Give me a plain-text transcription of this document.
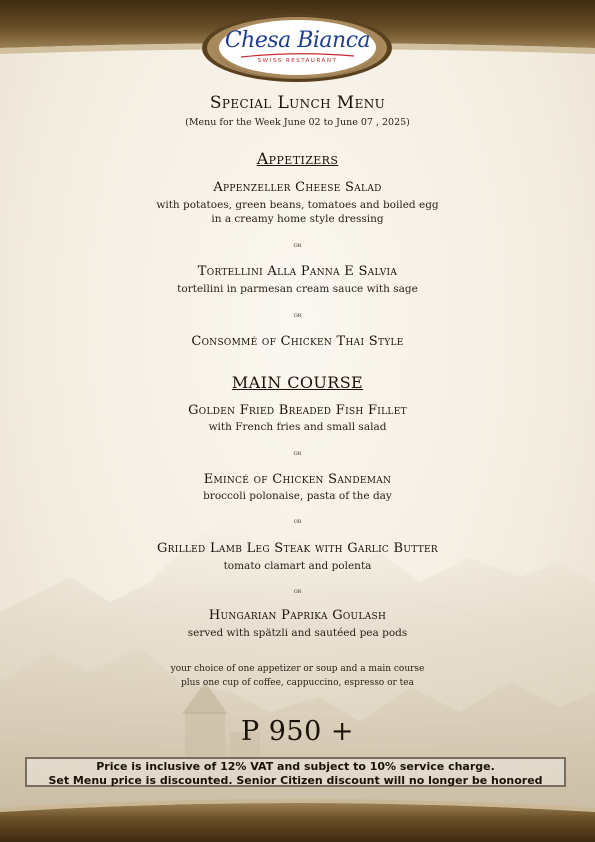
Chesa Bianca
SWISS RESTAURANT
Special Lunch Menu
(Menu for the Week June 02 to June 07 , 2025)
Appetizers
Appenzeller Cheese Salad
with potatoes, green beans, tomatoes and boiled egg
in a creamy home style dressing
or
Tortellini Alla Panna E Salvia
tortellini in parmesan cream sauce with sage
or
Consommé of Chicken Thai Style
MAIN COURSE
Golden Fried Breaded Fish Fillet
with French fries and small salad
or
Emincé of Chicken Sandeman
broccoli polonaise, pasta of the day
or
Grilled Lamb Leg Steak with Garlic Butter
tomato clamart and polenta
or
Hungarian Paprika Goulash
served with spätzli and sautéed pea pods
your choice of one appetizer or soup and a main course
plus one cup of coffee, cappuccino, espresso or tea
P 950 +
Price is inclusive of 12% VAT and subject to 10% service charge.
Set Menu price is discounted. Senior Citizen discount will no longer be honored
